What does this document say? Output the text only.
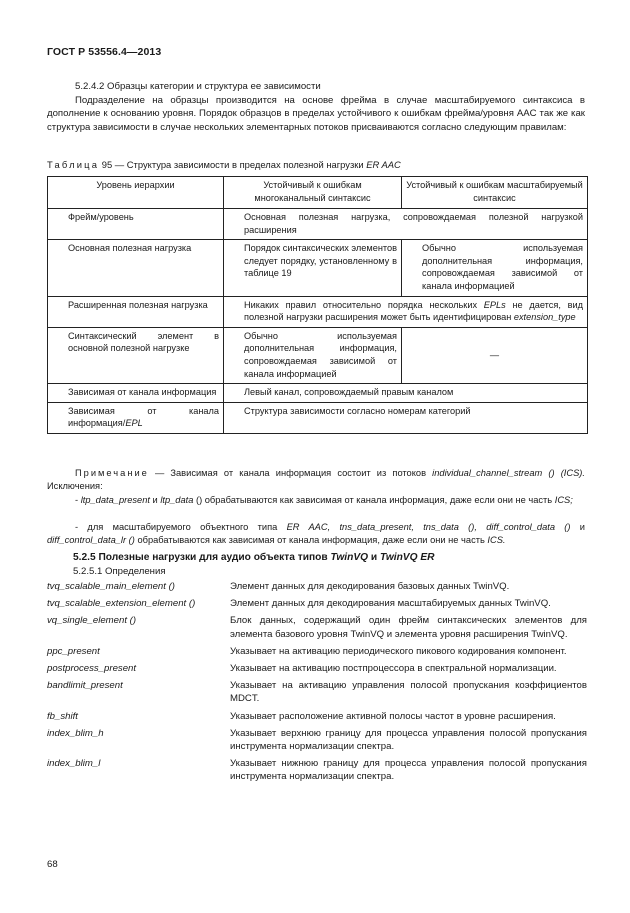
ГОСТ Р 53556.4—2013
5.2.4.2 Образцы категории и структура ее зависимости
Подразделение на образцы производится на основе фрейма в случае масштабируемого синтаксиса в дополнение к основанию уровня. Порядок образцов в пределах устойчивого к ошибкам фрейма/уровня AAC так же как структура зависимости в случае нескольких элементарных потоков присваиваются согласно следующим правилам:
Таблица 95 — Структура зависимости в пределах полезной нагрузки ER AAC
Уровень иерархии	Устойчивый к ошибкам многоканальный синтаксис	Устойчивый к ошибкам масштабируемый синтаксис
Фрейм/уровень	Основная полезная нагрузка, сопровождаемая полезной нагрузкой расширения	
Основная полезная нагрузка	Порядок синтаксических элементов следует порядку, установленному в таблице 19	Обычно используемая дополнительная информация, сопровождаемая зависимой от канала информацией
Расширенная полезная нагрузка	Никаких правил относительно порядка нескольких EPLs не дается, вид полезной нагрузки расширения может быть идентифицирован extension_type	
Синтаксический элемент в основной полезной нагрузке	Обычно используемая дополнительная информация, сопровождаемая зависимой от канала информацией	—
Зависимая от канала информация	Левый канал, сопровождаемый правым каналом	
Зависимая от канала информация/EPL	Структура зависимости согласно номерам категорий	
Примечание — Зависимая от канала информация состоит из потоков individual_channel_stream () (ICS). Исключения:
- ltp_data_present и ltp_data () обрабатываются как зависимая от канала информация, даже если они не часть ICS;
- для масштабируемого объектного типа ER AAC, tns_data_present, tns_data (), diff_control_data () и diff_control_data_lr () обрабатываются как зависимая от канала информация, даже если они не часть ICS.
5.2.5 Полезные нагрузки для аудио объекта типов TwinVQ и TwinVQ ER
5.2.5.1 Определения
tvq_scalable_main_element ()	Элемент данных для декодирования базовых данных TwinVQ.
tvq_scalable_extension_element ()	Элемент данных для декодирования масштабируемых данных TwinVQ.
vq_single_element ()	Блок данных, содержащий один фрейм синтаксических элементов для элемента базового уровня TwinVQ и элемента уровня расширения TwinVQ.
ppc_present	Указывает на активацию периодического пикового кодирования компонент.
postprocess_present	Указывает на активацию постпроцессора в спектральной нормализации.
bandlimit_present	Указывает на активацию управления полосой пропускания коэффициентов MDCT.
fb_shift	Указывает расположение активной полосы частот в уровне расширения.
index_blim_h	Указывает верхнюю границу для процесса управления полосой пропускания инструмента нормализации спектра.
index_blim_l	Указывает нижнюю границу для процесса управления полосой пропускания инструмента нормализации спектра.
68
